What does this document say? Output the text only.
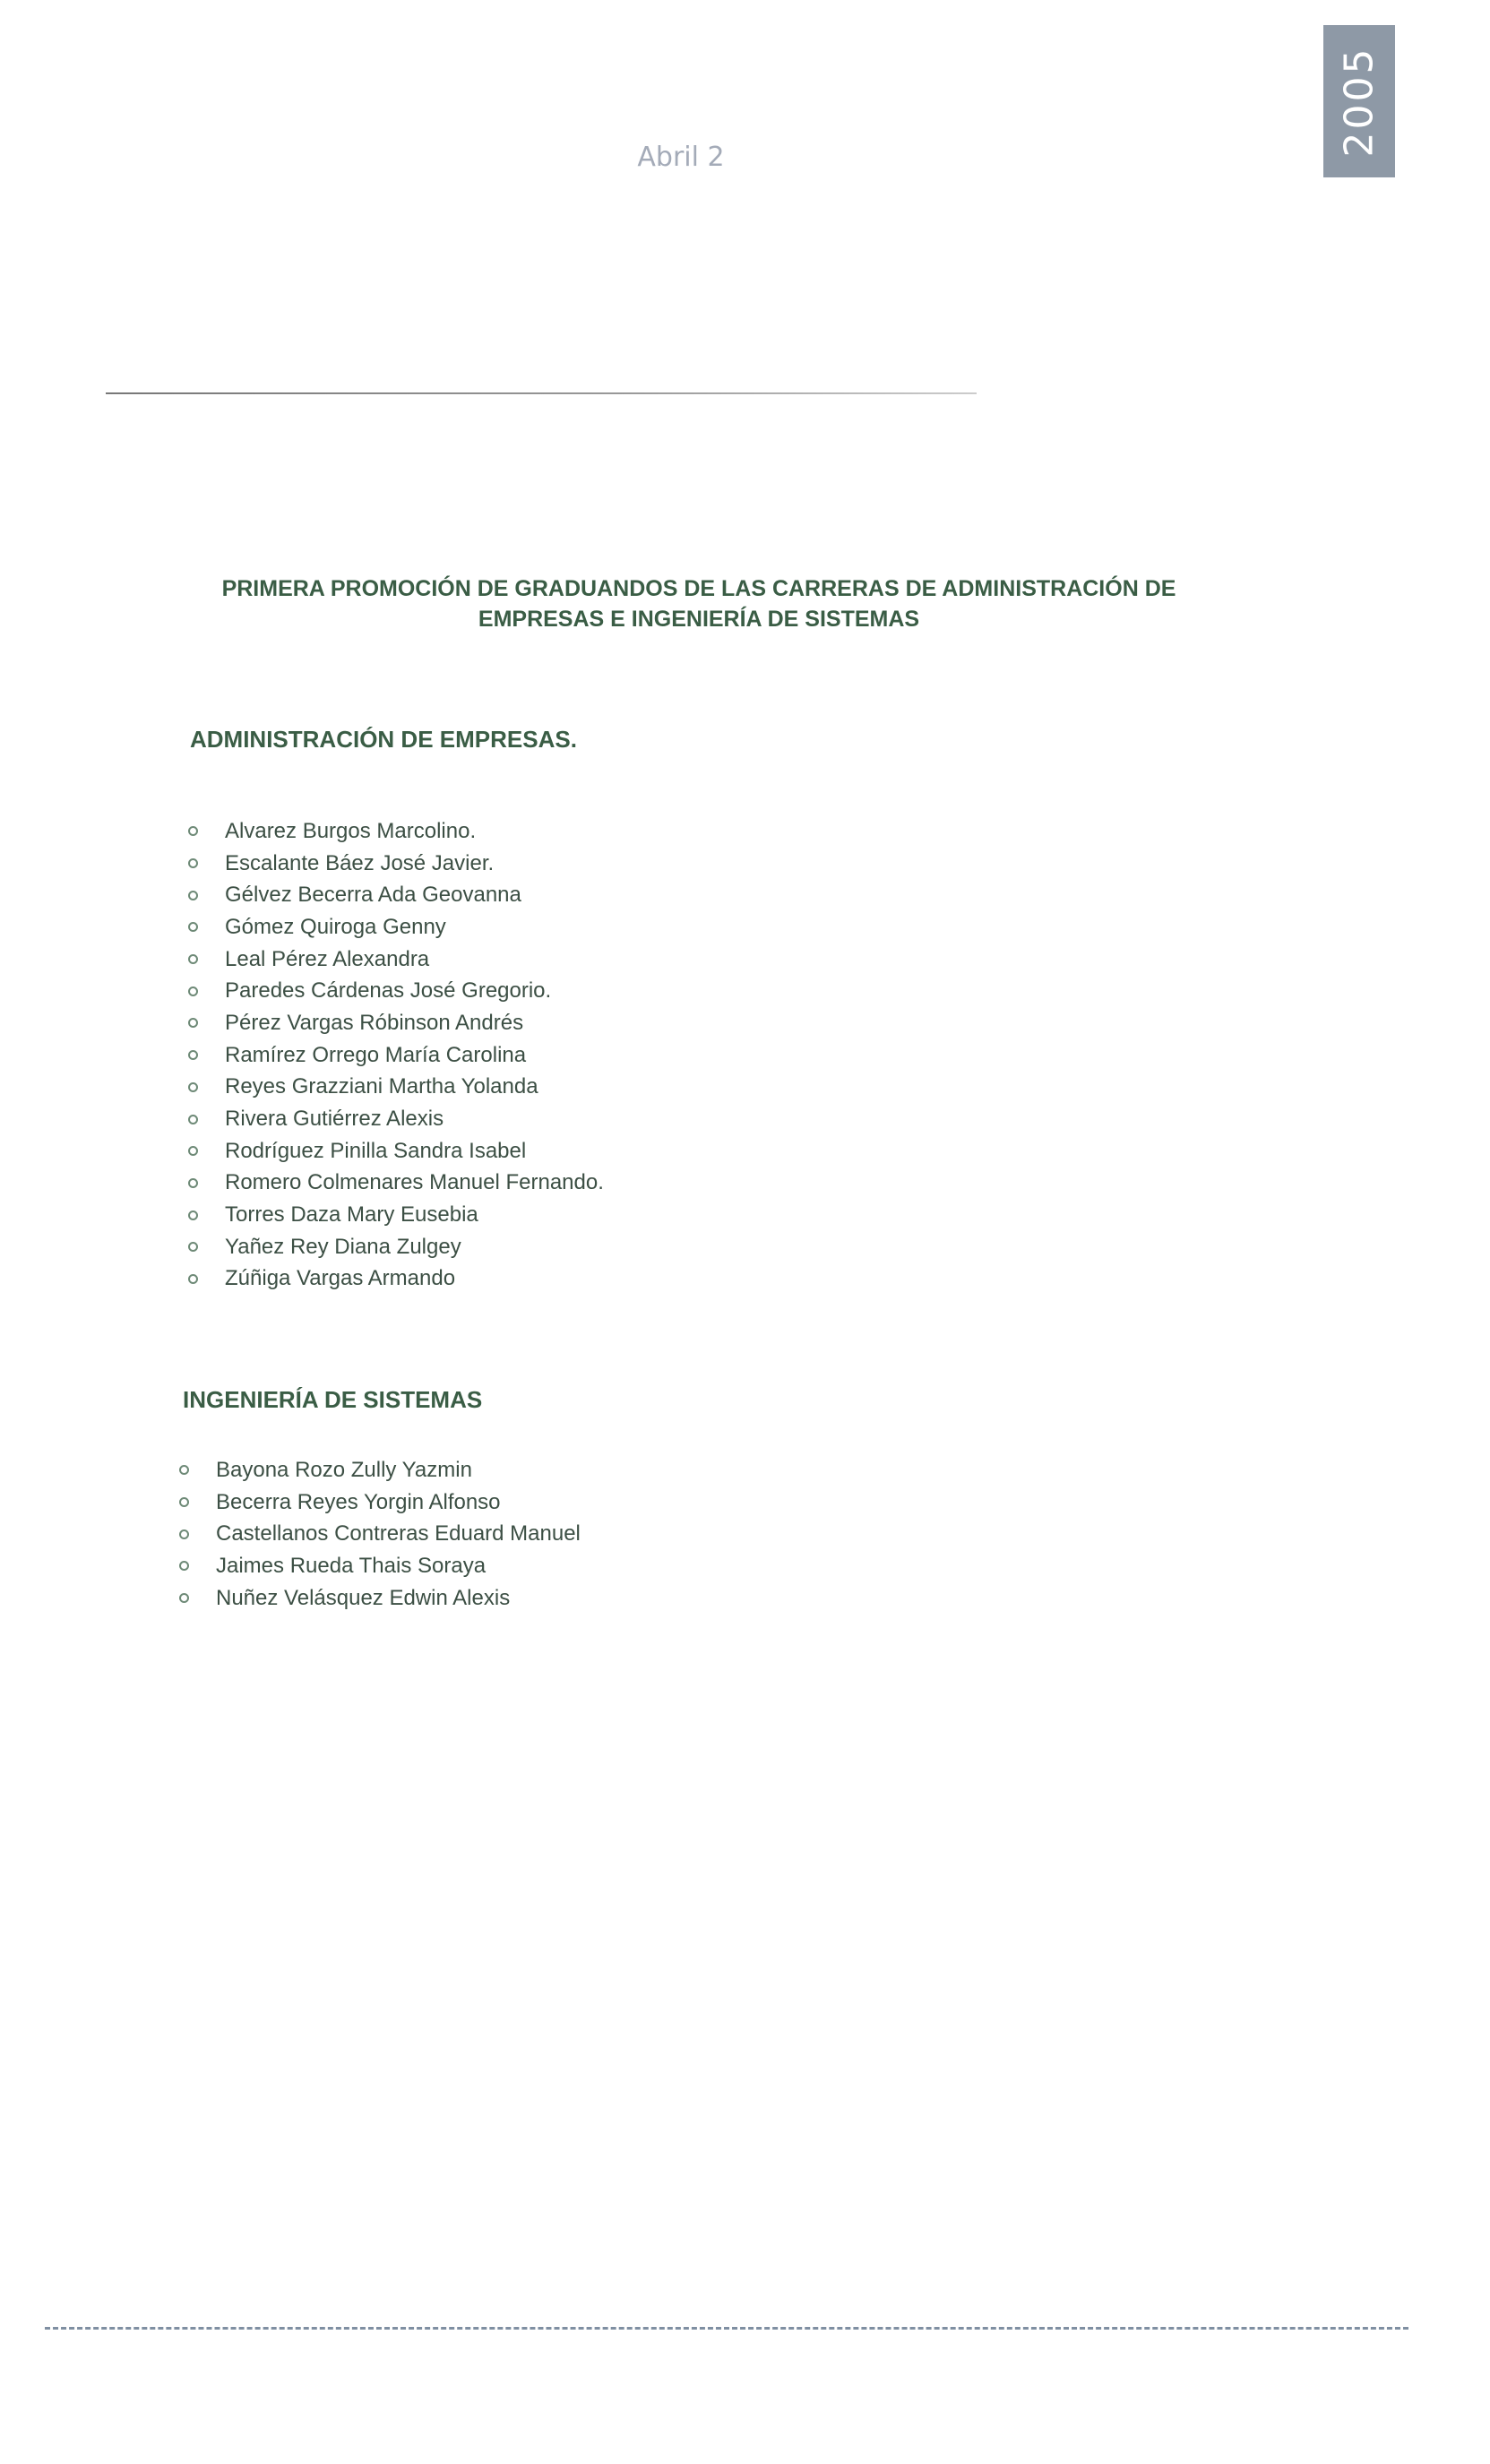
2005
Abril 2
PRIMERA PROMOCIÓN DE GRADUANDOS DE LAS CARRERAS DE ADMINISTRACIÓN DE
EMPRESAS E INGENIERÍA DE SISTEMAS
ADMINISTRACIÓN DE EMPRESAS.
Alvarez Burgos Marcolino.
Escalante Báez José Javier.
Gélvez Becerra Ada Geovanna
Gómez Quiroga Genny
Leal Pérez Alexandra
Paredes Cárdenas José Gregorio.
Pérez Vargas Róbinson Andrés
Ramírez Orrego María Carolina
Reyes Grazziani Martha Yolanda
Rivera Gutiérrez Alexis
Rodríguez Pinilla Sandra Isabel
Romero Colmenares Manuel Fernando.
Torres Daza Mary Eusebia
Yañez Rey Diana Zulgey
Zúñiga Vargas Armando
INGENIERÍA DE SISTEMAS
Bayona Rozo Zully Yazmin
Becerra Reyes Yorgin Alfonso
Castellanos Contreras Eduard Manuel
Jaimes Rueda Thais Soraya
Nuñez Velásquez Edwin Alexis
